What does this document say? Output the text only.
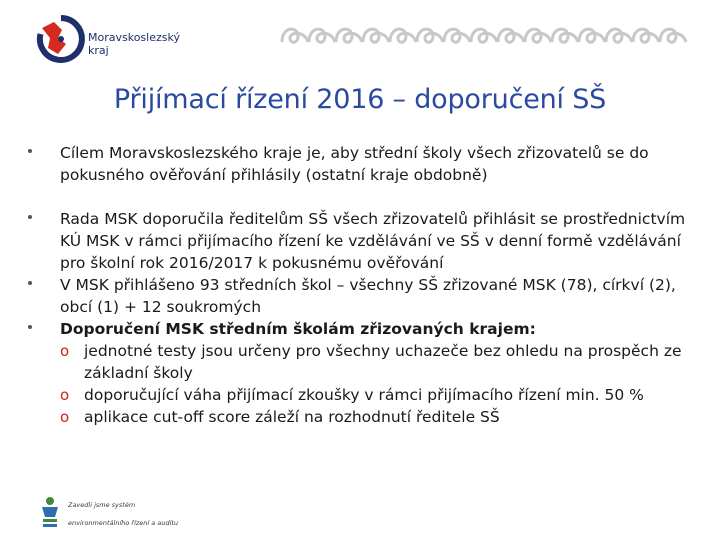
Moravskoslezský
kraj
Přijímací řízení 2016 – doporučení SŠ
Cílem Moravskoslezského kraje je, aby střední školy všech zřizovatelů se do pokusného ověřování přihlásily (ostatní kraje obdobně)
Rada MSK doporučila ředitelům SŠ všech zřizovatelů přihlásit se prostřednictvím KÚ MSK v rámci přijímacího řízení ke vzdělávání ve SŠ v denní formě vzdělávání pro školní rok 2016/2017 k pokusnému ověřování
V MSK přihlášeno 93 středních škol – všechny SŠ zřizované MSK (78), církví (2), obcí (1) + 12 soukromých
Doporučení MSK středním školám zřizovaných krajem:
o jednotné testy jsou určeny pro všechny uchazeče bez ohledu na prospěch ze základní školy
o doporučující váha přijímací zkoušky v rámci přijímacího řízení min. 50 %
o aplikace cut-off score záleží na rozhodnutí ředitele SŠ
Zavedli jsme systém
environmentálního řízení a auditu
